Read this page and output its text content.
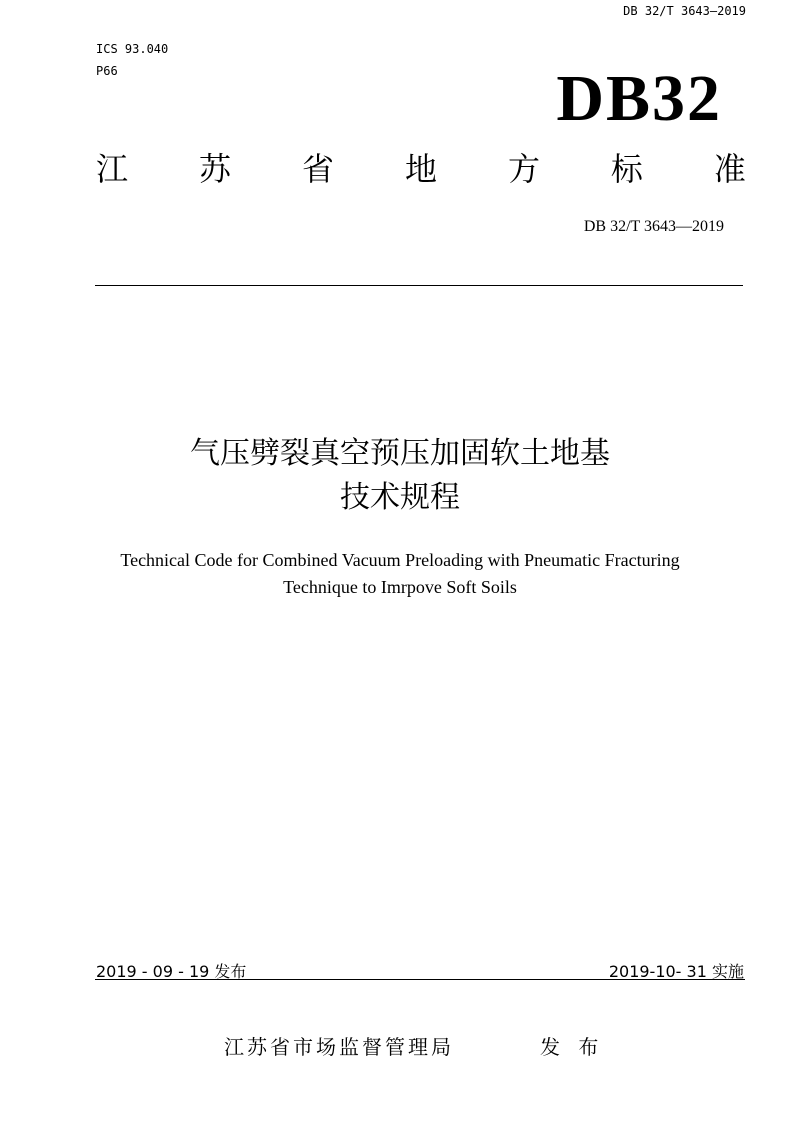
DB 32/T 3643—2019
ICS 93.040
P66	DB32
江 苏 省 地 方 标 准
DB 32/T 3643—2019
气压劈裂真空预压加固软土地基
技术规程
Technical Code for Combined Vacuum Preloading with Pneumatic Fracturing
Technique to Imrpove Soft Soils
2019 - 09 - 19 发布	2019-10- 31 实施
江苏省市场监督管理局	发 布
